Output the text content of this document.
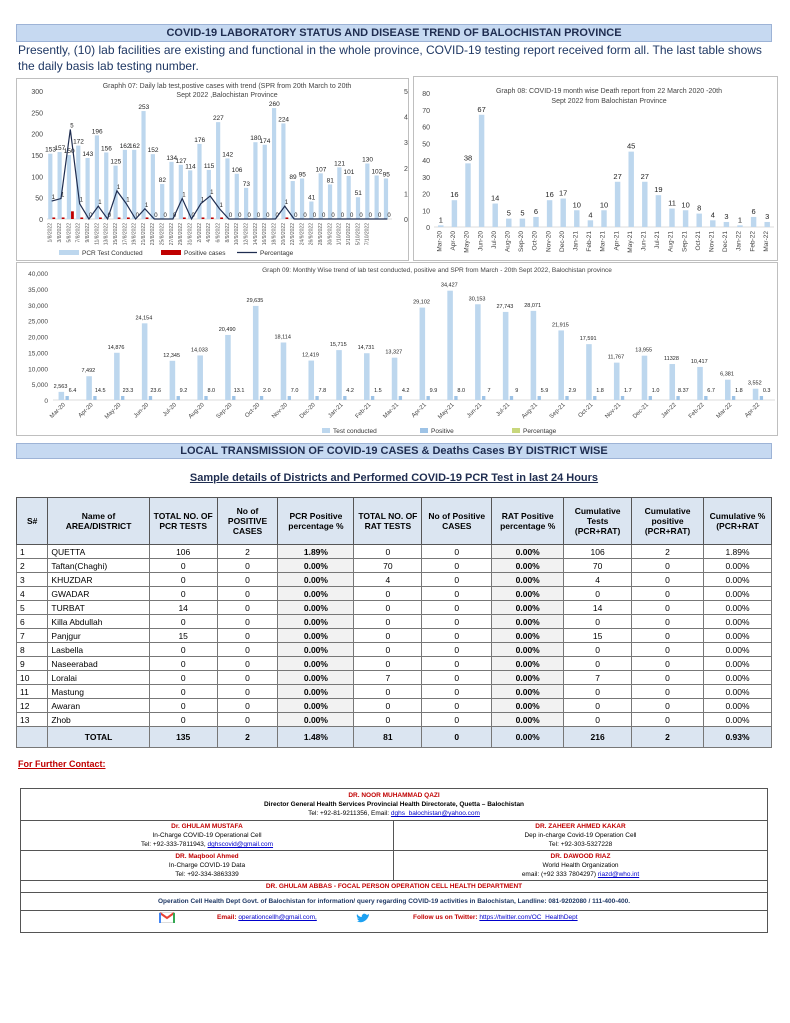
COVID-19 LABORATORY STATUS AND DISEASE TREND OF BALOCHISTAN PROVINCE
Presently, (10) lab facilities are existing and functional in the whole province, COVID-19 testing report received form all. The last table shows the daily basis lab testing number.
0
50
100
150
200
250
300
0
1
2
3
4
5
Graphh 07: Daily lab test,postive cases with trend (SPR from 20th March to 20th
Sept 2022 ,Balochistan Province
153
1
157
1
150
5
172
1
143
0
196
1
156
0
125
1
162
1
162
0
253
1
152
0
82
0
134
0
127
1
114
0
176
1
115
1
227
1
142
0
106
0
73
0
180
0
174
0
260
0
224
1
89
0
95
0
41
0
107
0
81
0
121
0
101
0
51
0
130
0
102
0
95
0
1/8/2022 3/8/2022 5/8/2022 7/8/2022 9/8/2022 11/8/2022 13/8/2022 15/8/2022 17/8/2022 19/8/2022 21/8/2022 23/8/2022 25/8/2022 27/8/2022 29/8/2022 31/8/2022 2/9/2022 4/9/2022 6/9/2022 8/9/2022 10/9/2022 12/9/2022 14/9/2022 16/9/2022 18/9/2022 20/9/2022 22/9/2022 24/9/2022 26/9/2022 28/9/2022 30/9/2022 1/10/2022 3/10/2022 5/10/2022 7/10/2022
PCR Test Conducted	Positive cases	Percentage
0
10
20
30
40
50
60
70
80	Graph 08: COVID-19 month wise Death report from 22 March 2020 -20th
Sept 2022 from Balochistan Province
1
Mar-20
16
Apr-20
38
May-20
67
Jun-20
14
Jul-20
5
Aug-20
5
Sep-20
6
Oct-20
16
Nov-20
17
Dec-20
10
Jan-21
4
Feb-21
10
Mar-21
27
Apr-21
45
May-21
27
Jun-21
19
Jul-21
11
Aug-21
10
Sep-21
8
Oct-21
4
Nov-21
3
Dec-21
1
Jan-22
6
Feb-22
3
Mar-22
0
5,000
10,000
15,000
20,000
25,000
30,000
35,000
40,000
Graph 09: Monthly Wise trend of lab test conducted, positive and SPR from March - 20th Sept 2022, Balochistan province
2,563
6.4
Mar-20
7,492
14.5
Apr-20
14,876
23.3
May-20
24,154
23.6
Jun-20
12,345
9.2
Jul-20
14,033
8.0
Aug-20
20,490
13.1
Sep-20
29,635
2.0
Oct-20
18,114
7.0
Nov-20
12,419
7.8
Dec-20
15,715
4.2
Jan-21
14,731
1.5
Feb-21
13,327
4.2
Mar-21
29,102
9.9
Apr-21
34,427
8.0
May-21
30,153
7
Jun-21
27,743
9
Jul-21
28,071
5.9
Aug-21
21,915
2.9
Sep-21
17,591
1.8
Oct-21
11,767
1.7
Nov-21
13,955
1.0
Dec-21
11328
8.37
Jan-22
10,417
6.7
Feb-22
6,381
1.8
Mar-22
3,552
0.3
Apr-22
Test conducted	Positive	Percentage
LOCAL TRANSMISSION OF COVID-19 CASES & Deaths Cases BY DISTRICT WISE
Sample details of Districts and Performed COVID-19 PCR Test in last 24 Hours
S#	Name of AREA/DISTRICT	TOTAL NO. OF PCR TESTS	No of POSITIVE CASES	PCR Positive percentage %	TOTAL NO. OF RAT TESTS	No of Positive CASES	RAT Positive percentage %	Cumulative Tests (PCR+RAT)	Cumulative positive (PCR+RAT)	Cumulative % (PCR+RAT
1	QUETTA	106	2	1.89%	0	0	0.00%	106	2	1.89%
2	Taftan(Chaghi)	0	0	0.00%	70	0	0.00%	70	0	0.00%
3	KHUZDAR	0	0	0.00%	4	0	0.00%	4	0	0.00%
4	GWADAR	0	0	0.00%	0	0	0.00%	0	0	0.00%
5	TURBAT	14	0	0.00%	0	0	0.00%	14	0	0.00%
6	Killa Abdullah	0	0	0.00%	0	0	0.00%	0	0	0.00%
7	Panjgur	15	0	0.00%	0	0	0.00%	15	0	0.00%
8	Lasbella	0	0	0.00%	0	0	0.00%	0	0	0.00%
9	Naseerabad	0	0	0.00%	0	0	0.00%	0	0	0.00%
10	Loralai	0	0	0.00%	7	0	0.00%	7	0	0.00%
11	Mastung	0	0	0.00%	0	0	0.00%	0	0	0.00%
12	Awaran	0	0	0.00%	0	0	0.00%	0	0	0.00%
13	Zhob	0	0	0.00%	0	0	0.00%	0	0	0.00%
	TOTAL	135	2	1.48%	81	0	0.00%	216	2	0.93%
For Further Contact:
DR. NOOR MUHAMMAD QAZI
Director General Health Services Provincial Health Directorate, Quetta – Balochistan
Tel: +92-81-9211356, Email: dghs_balochistan@yahoo.com
Dr. GHULAM MUSTAFA
In-Charge COVID-19 Operational Cell
Tel: +92-333-7811943, dghscovid@gmail.com
DR. ZAHEER AHMED KAKAR
Dep in-charge Covid-19 Operation Cell
Tel: +92-303-5327228
DR. Maqbool Ahmed
In-Charge COVID-19 Data
Tel: +92-334-3863339
DR. DAWOOD RIAZ
World Health Organization
email: (+92 333 7804297) riazd@who.int
DR. GHULAM ABBAS - FOCAL PERSON OPERATION CELL HEALTH DEPARTMENT
Operation Cell Health Dept Govt. of Balochistan for information/ query regarding COVID-19 activities in Balochistan, Landline: 081-9202080 / 111-400-400.
Email: operationcellh@gmail.com,	Follow us on Twitter: https://twitter.com/OC_HealthDept
